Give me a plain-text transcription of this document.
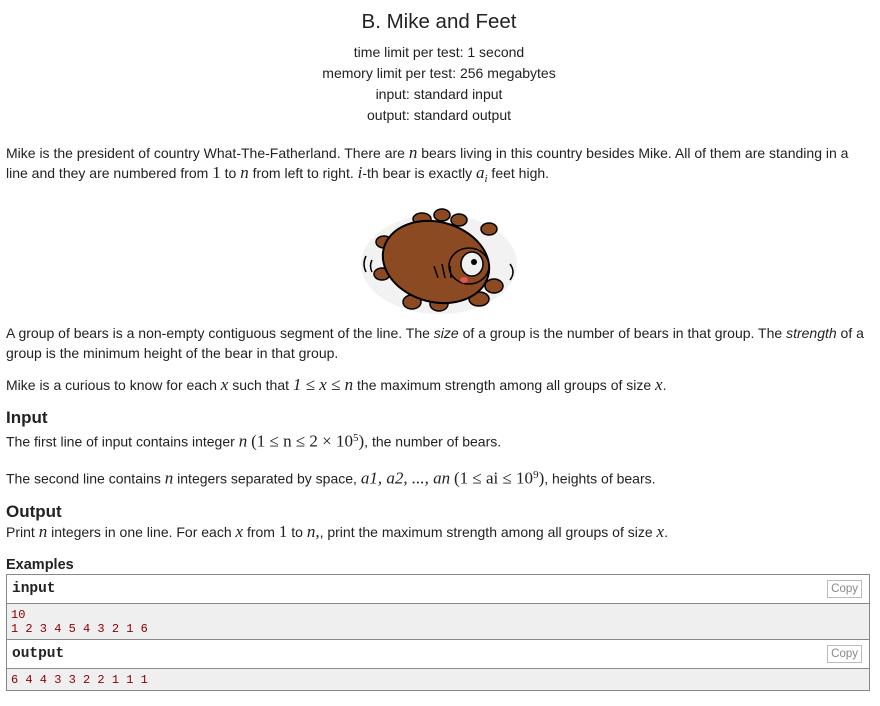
B. Mike and Feet
time limit per test: 1 second
memory limit per test: 256 megabytes
input: standard input
output: standard output

Mike is the president of country What-The-Fatherland. There are n bears living in this country besides Mike. All of them are standing in a line and they are numbered from 1 to n from left to right. i-th bear is exactly $a_i$ feet high.

A group of bears is a non-empty contiguous segment of the line. The size of a group is the number of bears in that group. The strength of a group is the minimum height of the bear in that group.

Mike is a curious to know for each x such that 1 ≤ x ≤ n the maximum strength among all groups of size x.

Input

The first line of input contains integer n $(1 \le n \le 2 \times 10^5)$, the number of bears.

The second line contains n integers separated by space, a1, a2, ..., an (1 ≤ ai ≤ $10^9$), heights of bears.

Output

Print n integers in one line. For each x from 1 to n,, print the maximum strength among all groups of size x.

Examples
input	Copy
10
1 2 3 4 5 4 3 2 1 6
output	Copy
6 4 4 3 3 2 2 1 1 1
